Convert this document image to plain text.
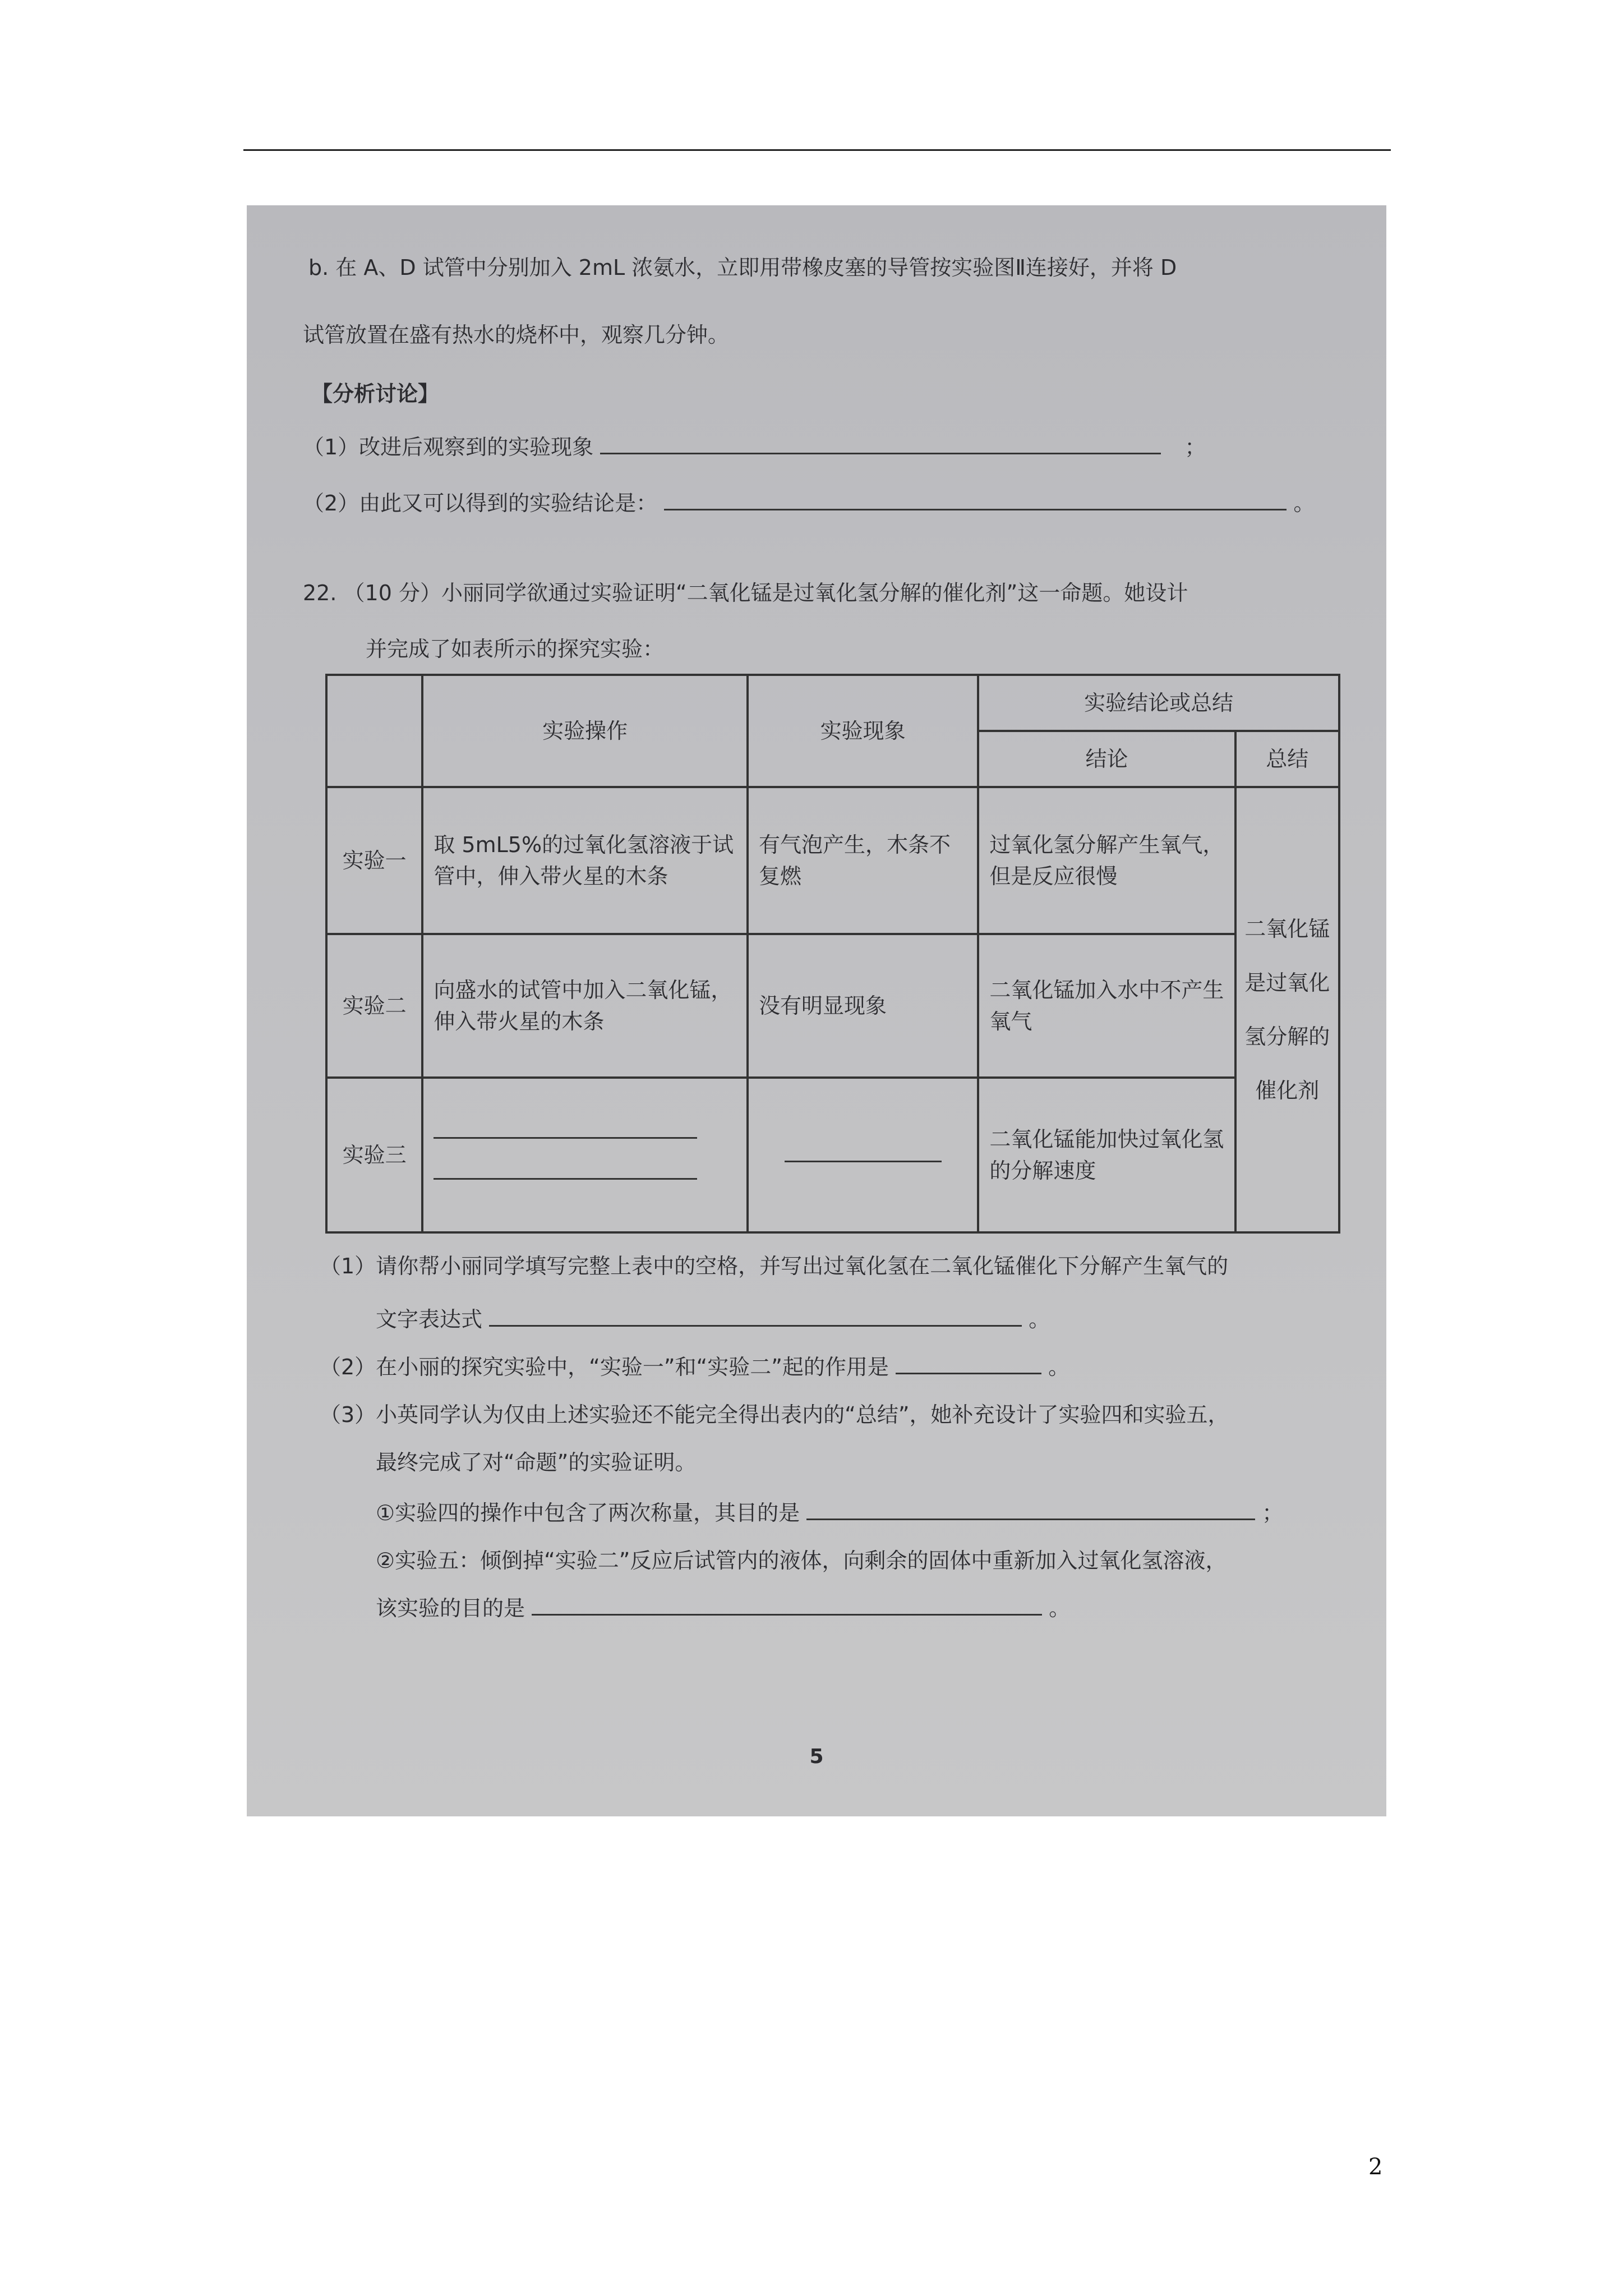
b. 在 A、D 试管中分别加入 2mL 浓氨水，立即用带橡皮塞的导管按实验图Ⅱ连接好，并将 D
试管放置在盛有热水的烧杯中，观察几分钟。
【分析讨论】
（1）改进后观察到的实验现象	；
（2）由此又可以得到的实验结论是：	。
22. （10 分）小丽同学欲通过实验证明“二氧化锰是过氧化氢分解的催化剂”这一命题。她设计
并完成了如表所示的探究实验：
	实验操作	实验现象	实验结论或总结	
			结论	总结
实验一	取 5mL5%的过氧化氢溶液于试管中，伸入带火星的木条	有气泡产生，木条不复燃	过氧化氢分解产生氧气，但是反应很慢	二氧化锰是过氧化氢分解的催化剂
实验二	向盛水的试管中加入二氧化锰，伸入带火星的木条	没有明显现象	二氧化锰加入水中不产生氧气	
实验三			二氧化锰能加快过氧化氢的分解速度	
（1）请你帮小丽同学填写完整上表中的空格，并写出过氧化氢在二氧化锰催化下分解产生氧气的
文字表达式	。
（2）在小丽的探究实验中，“实验一”和“实验二”起的作用是	。
（3）小英同学认为仅由上述实验还不能完全得出表内的“总结”，她补充设计了实验四和实验五，
最终完成了对“命题”的实验证明。
①实验四的操作中包含了两次称量，其目的是	；
②实验五：倾倒掉“实验二”反应后试管内的液体，向剩余的固体中重新加入过氧化氢溶液，
该实验的目的是	。
5
2
